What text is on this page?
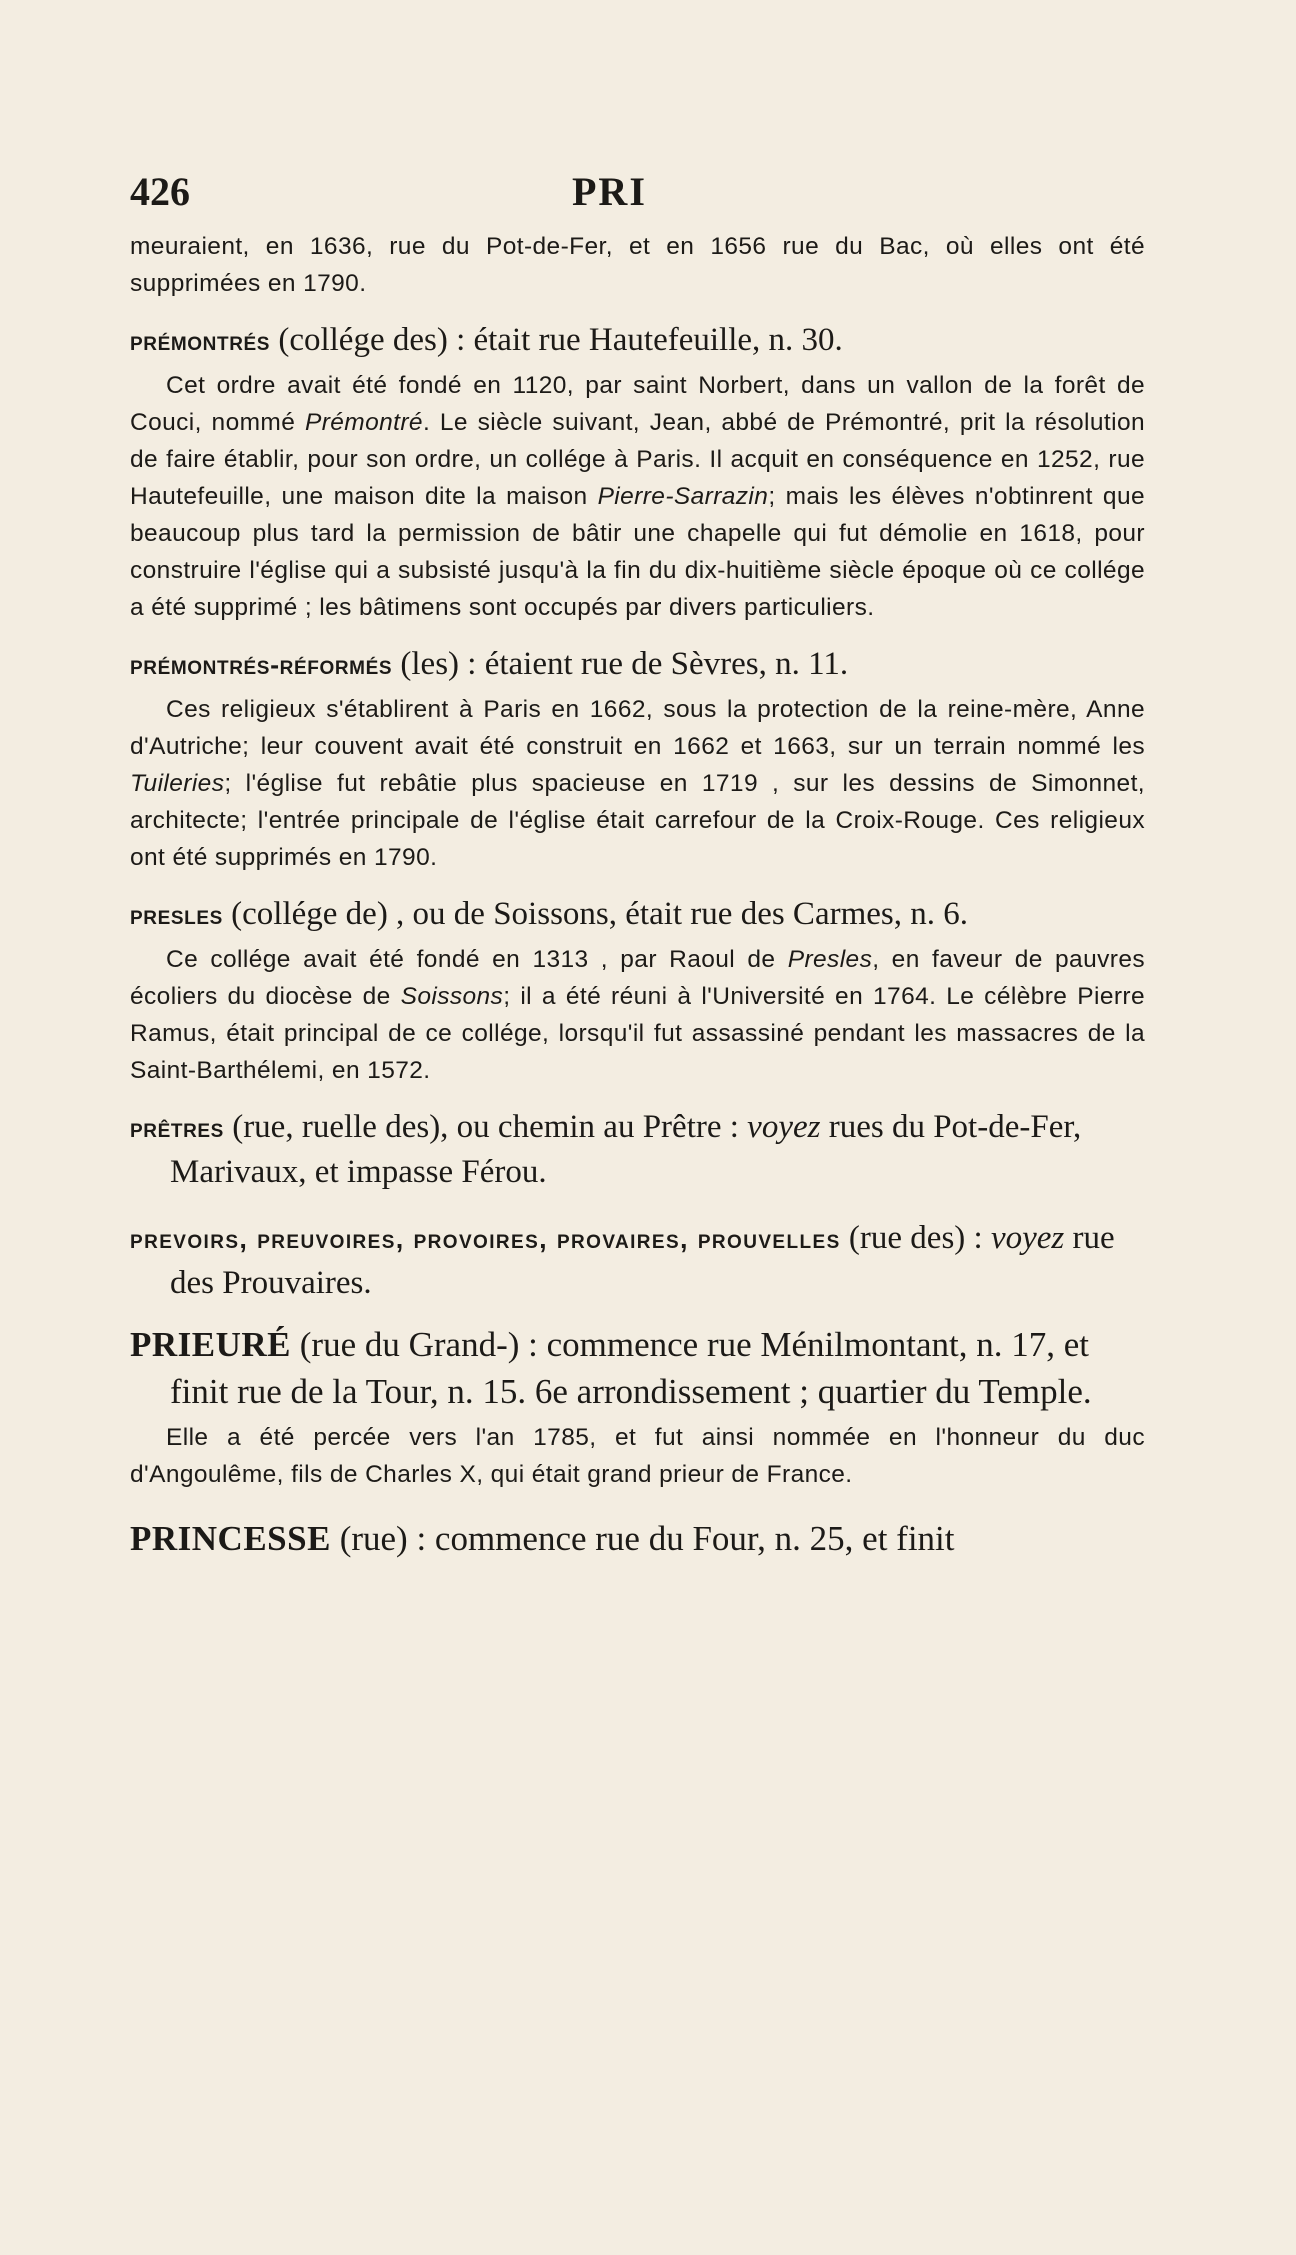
426	PRI

meuraient, en 1636, rue du Pot-de-Fer, et en 1656 rue du Bac, où elles ont été supprimées en 1790.

prémontrés (collége des) : était rue Hautefeuille, n. 30.

Cet ordre avait été fondé en 1120, par saint Norbert, dans un vallon de la forêt de Couci, nommé Prémontré. Le siècle suivant, Jean, abbé de Prémontré, prit la résolution de faire établir, pour son ordre, un collége à Paris. Il acquit en conséquence en 1252, rue Hautefeuille, une maison dite la maison Pierre-Sarrazin; mais les élèves n'obtinrent que beaucoup plus tard la permission de bâtir une chapelle qui fut démolie en 1618, pour construire l'église qui a subsisté jusqu'à la fin du dix-huitième siècle époque où ce collége a été supprimé ; les bâtimens sont occupés par divers particuliers.

prémontrés-réformés (les) : étaient rue de Sèvres, n. 11.

Ces religieux s'établirent à Paris en 1662, sous la protection de la reine-mère, Anne d'Autriche; leur couvent avait été construit en 1662 et 1663, sur un terrain nommé les Tuileries; l'église fut rebâtie plus spacieuse en 1719 , sur les dessins de Simonnet, architecte; l'entrée principale de l'église était carrefour de la Croix-Rouge. Ces religieux ont été supprimés en 1790.

presles (collége de) , ou de Soissons, était rue des Carmes, n. 6.

Ce collége avait été fondé en 1313 , par Raoul de Presles, en faveur de pauvres écoliers du diocèse de Soissons; il a été réuni à l'Université en 1764. Le célèbre Pierre Ramus, était principal de ce collége, lorsqu'il fut assassiné pendant les massacres de la Saint-Barthélemi, en 1572.

prêtres (rue, ruelle des), ou chemin au Prêtre : voyez rues du Pot-de-Fer, Marivaux, et impasse Férou.

prevoirs, preuvoires, provoires, provaires, prouvelles (rue des) : voyez rue des Prouvaires.

PRIEURÉ (rue du Grand-) : commence rue Ménilmontant, n. 17, et finit rue de la Tour, n. 15. 6e arrondissement ; quartier du Temple.

Elle a été percée vers l'an 1785, et fut ainsi nommée en l'honneur du duc d'Angoulême, fils de Charles X, qui était grand prieur de France.

PRINCESSE (rue) : commence rue du Four, n. 25, et finit
